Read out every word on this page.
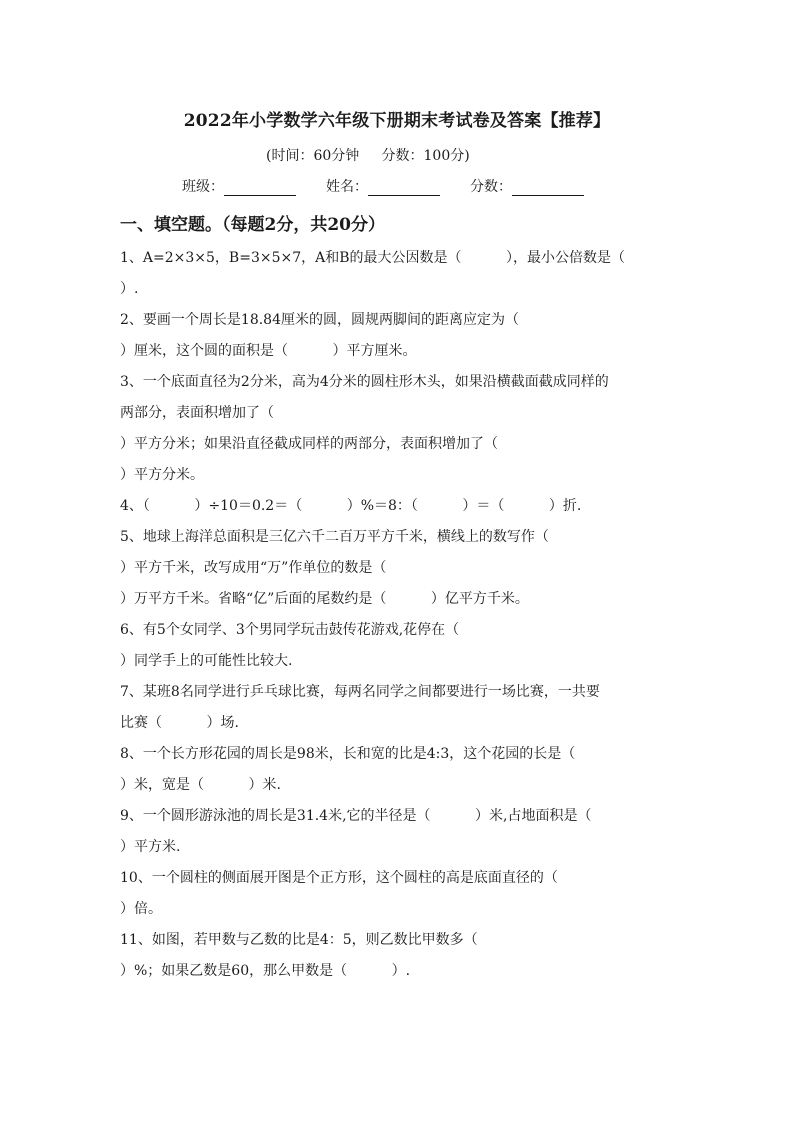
2022年小学数学六年级下册期末考试卷及答案【推荐】
(时间：60分钟     分数：100分)
班级：	姓名：	分数：
一、填空题。（每题2分，共20分）
1、A=2×3×5，B=3×5×7，A和B的最大公因数是（          ），最小公倍数是（
）.
2、要画一个周长是18.84厘米的圆，圆规两脚间的距离应定为（
）厘米，这个圆的面积是（          ）平方厘米。
3、一个底面直径为2分米，高为4分米的圆柱形木头，如果沿横截面截成同样的
两部分，表面积增加了（
）平方分米；如果沿直径截成同样的两部分，表面积增加了（
）平方分米。
4、（          ）÷10＝0.2＝（          ）%＝8：（          ）＝（          ）折.
5、地球上海洋总面积是三亿六千二百万平方千米，横线上的数写作（
）平方千米，改写成用“万”作单位的数是（
）万平方千米。省略“亿”后面的尾数约是（          ）亿平方千米。
6、有5个女同学、3个男同学玩击鼓传花游戏,花停在（
）同学手上的可能性比较大.
7、某班8名同学进行乒乓球比赛，每两名同学之间都要进行一场比赛，一共要
比赛（          ）场.
8、一个长方形花园的周长是98米，长和宽的比是4:3，这个花园的长是（
）米，宽是（          ）米.
9、一个圆形游泳池的周长是31.4米,它的半径是（          ）米,占地面积是（
）平方米.
10、一个圆柱的侧面展开图是个正方形，这个圆柱的高是底面直径的（
）倍。
11、如图，若甲数与乙数的比是4：5，则乙数比甲数多（
）%；如果乙数是60，那么甲数是（          ）.
